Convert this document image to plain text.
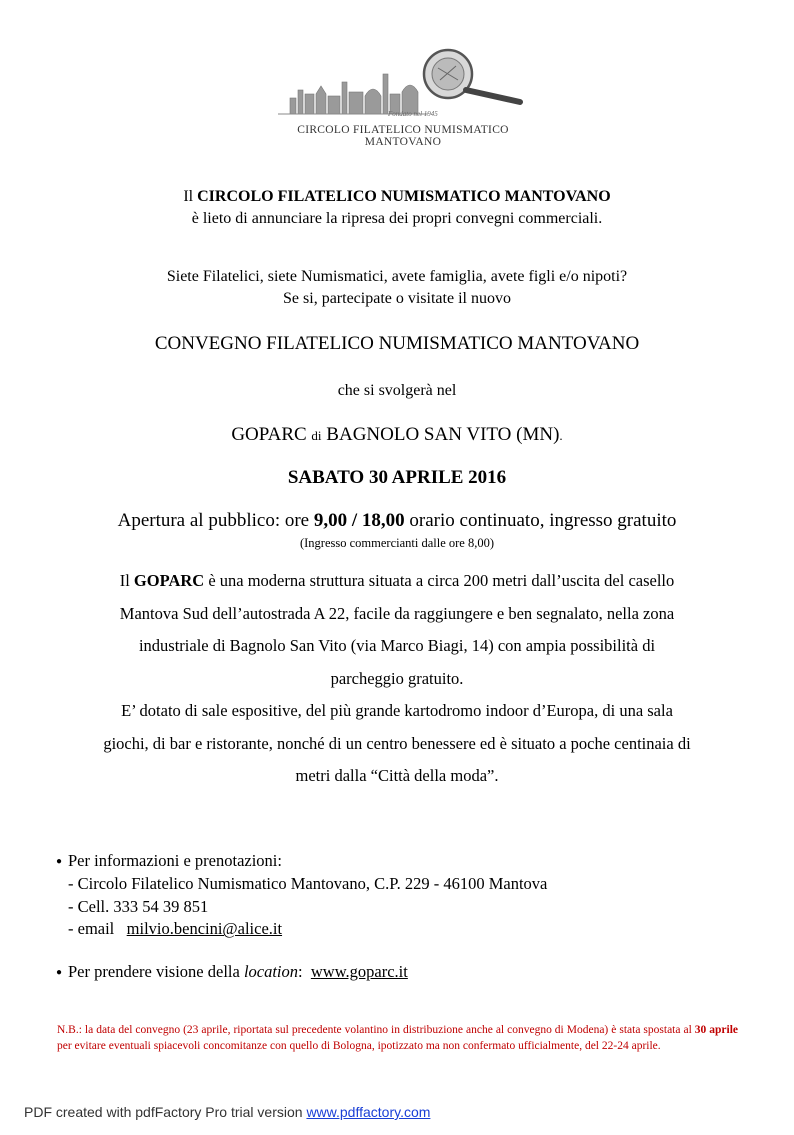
Fondato nel 1945
CIRCOLO FILATELICO NUMISMATICO MANTOVANO
Il CIRCOLO FILATELICO NUMISMATICO MANTOVANO
è lieto di annunciare la ripresa dei propri convegni commerciali.
Siete Filatelici, siete Numismatici, avete famiglia, avete figli e/o nipoti?
Se si, partecipate o visitate il nuovo
CONVEGNO FILATELICO NUMISMATICO MANTOVANO
che si svolgerà nel
GOPARC di BAGNOLO SAN VITO (MN).
SABATO 30 APRILE 2016
Apertura al pubblico: ore 9,00 / 18,00 orario continuato, ingresso gratuito
(Ingresso commercianti dalle ore 8,00)
Il GOPARC è una moderna struttura situata a circa 200 metri dall’uscita del casello
Mantova Sud dell’autostrada A 22, facile da raggiungere e ben segnalato, nella zona
industriale di Bagnolo San Vito (via Marco Biagi, 14) con ampia possibilità di
parcheggio gratuito.
E’ dotato di sale espositive, del più grande kartodromo indoor d’Europa, di una sala
giochi, di bar e ristorante, nonché di un centro benessere ed è situato a poche centinaia di
metri dalla “Città della moda”.
● Per informazioni e prenotazioni:
- Circolo Filatelico Numismatico Mantovano, C.P. 229 - 46100 Mantova
- Cell. 333 54 39 851
- email milvio.bencini@alice.it
● Per prendere visione della location: www.goparc.it
N.B.: la data del convegno (23 aprile, riportata sul precedente volantino in distribuzione anche al convegno di Modena) è stata spostata al 30 aprile per evitare eventuali spiacevoli concomitanze con quello di Bologna, ipotizzato ma non confermato ufficialmente, del 22-24 aprile.
PDF created with pdfFactory Pro trial version www.pdffactory.com
